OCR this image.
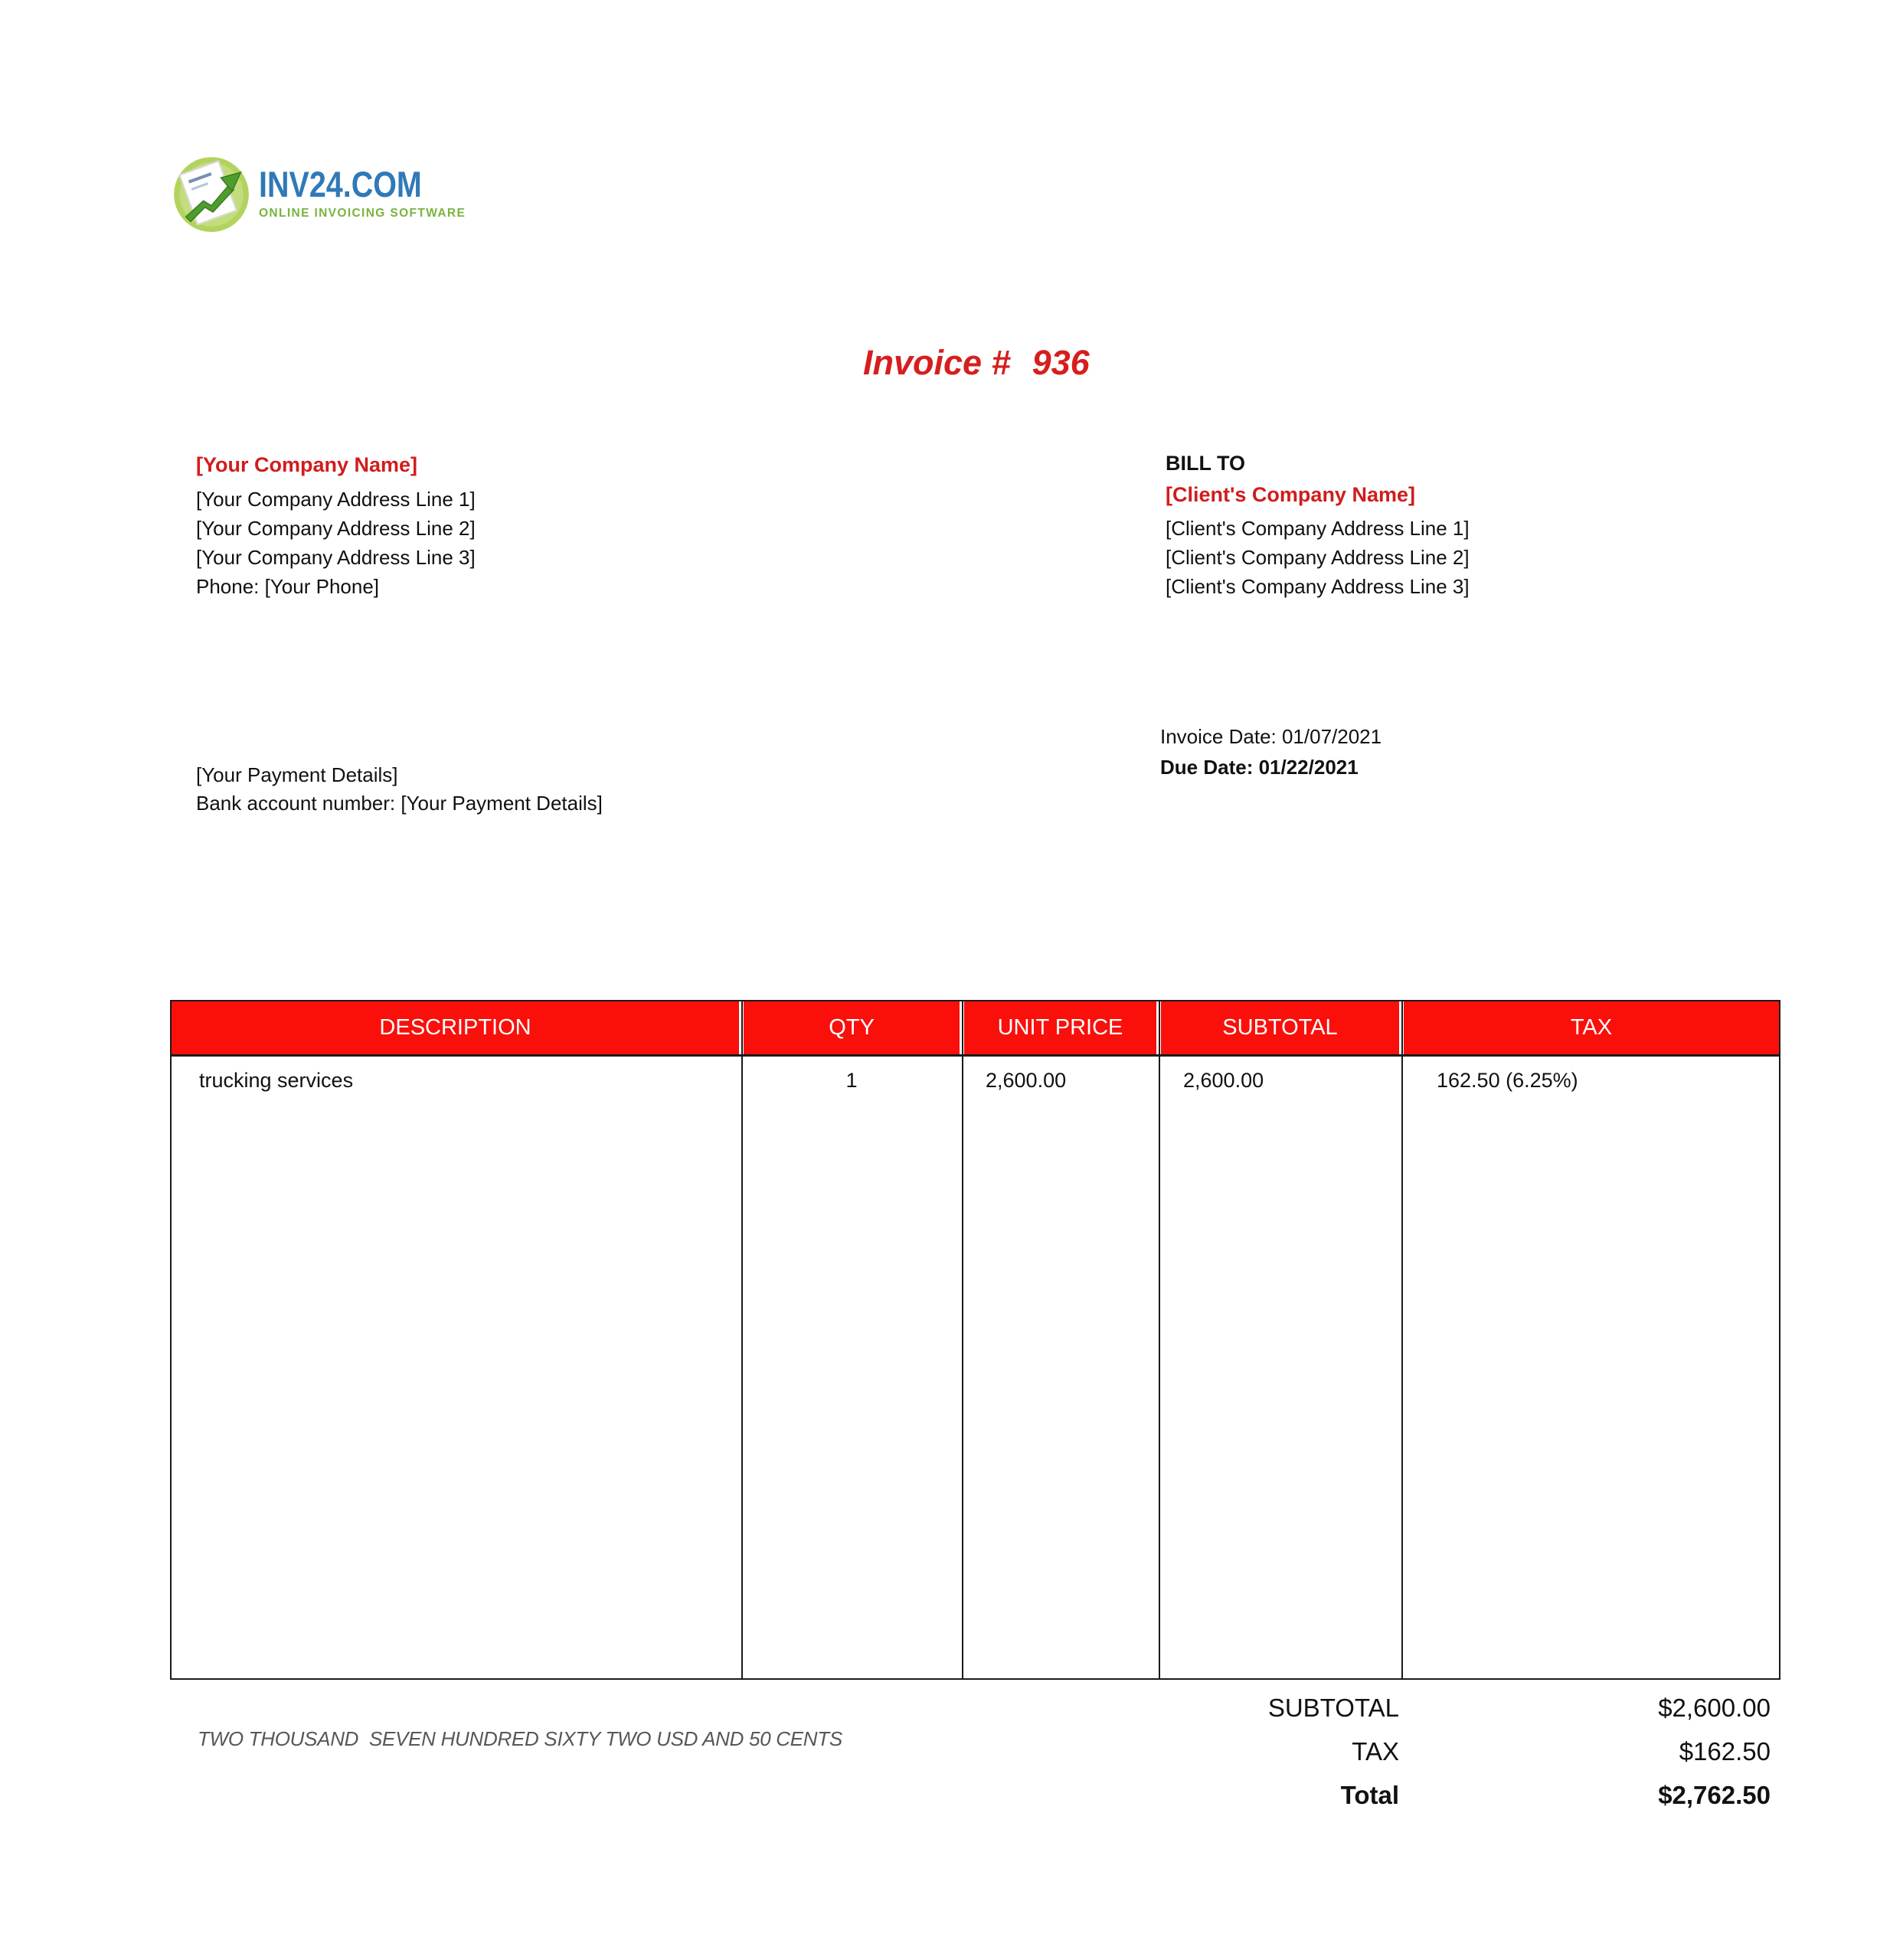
INV24.COM
ONLINE INVOICING SOFTWARE
Invoice # 936
[Your Company Name]
[Your Company Address Line 1]
[Your Company Address Line 2]
[Your Company Address Line 3]
Phone: [Your Phone]
BILL TO
[Client's Company Name]
[Client's Company Address Line 1]
[Client's Company Address Line 2]
[Client's Company Address Line 3]
Invoice Date: 01/07/2021
Due Date: 01/22/2021
[Your Payment Details]
Bank account number: [Your Payment Details]
DESCRIPTION	QTY	UNIT PRICE	SUBTOTAL	TAX
trucking services	1	2,600.00	2,600.00	162.50 (6.25%)
SUBTOTAL	$2,600.00
TAX	$162.50
Total	$2,762.50
TWO THOUSAND  SEVEN HUNDRED SIXTY TWO USD AND 50 CENTS
